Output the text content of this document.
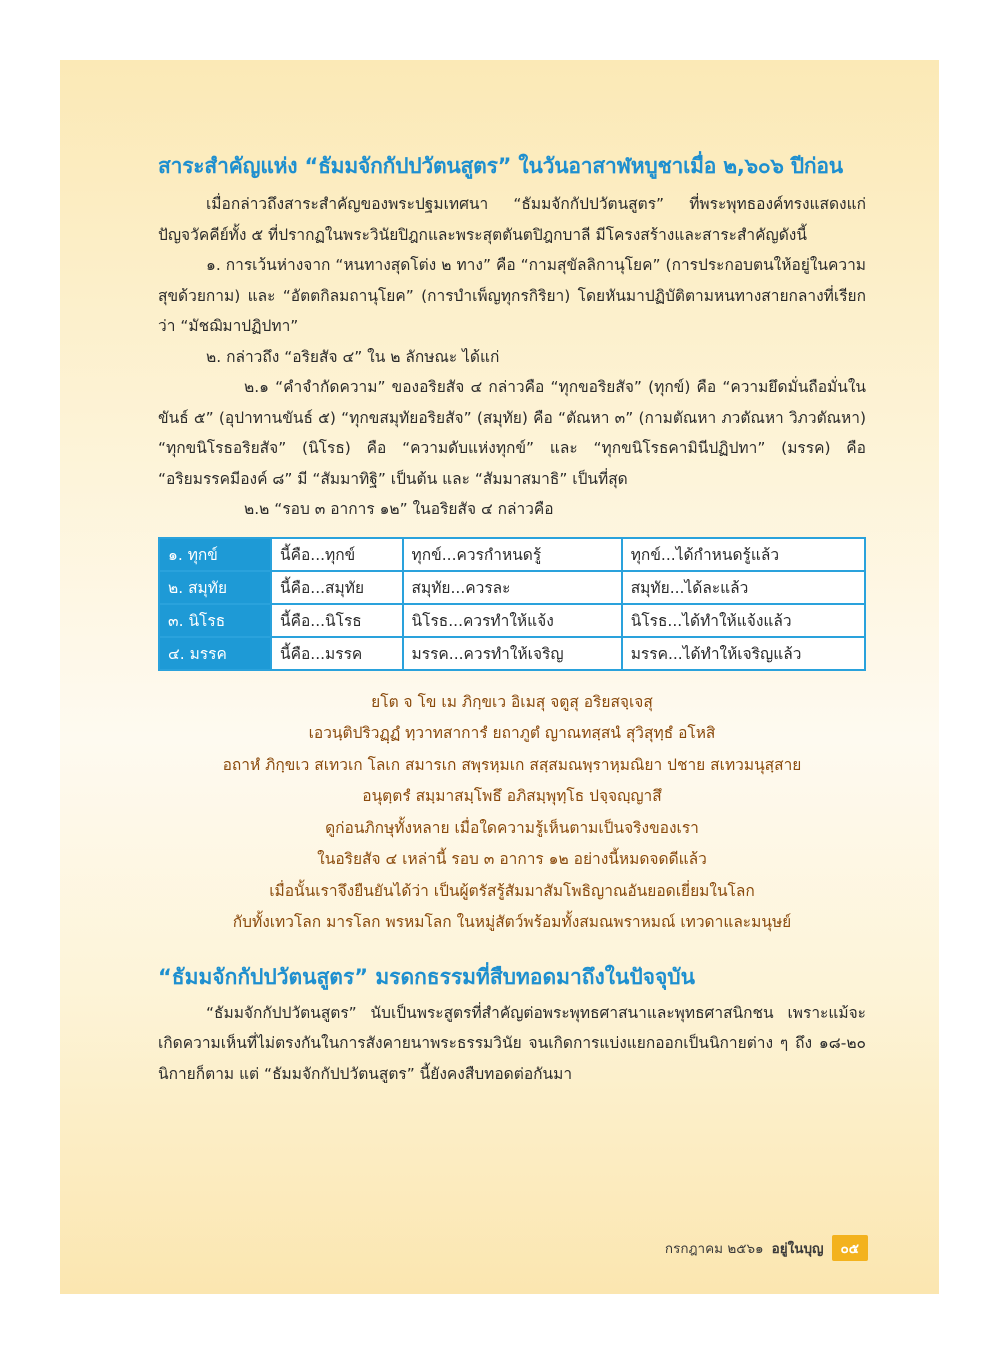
สาระสำคัญแห่ง “ธัมมจักกัปปวัตนสูตร” ในวันอาสาฬหบูชาเมื่อ ๒,๖๐๖ ปีก่อน

เมื่อกล่าวถึงสาระสำคัญของพระปฐมเทศนา “ธัมมจักกัปปวัตนสูตร” ที่พระพุทธองค์ทรงแสดงแก่ปัญจวัคคีย์ทั้ง ๕ ที่ปรากฏในพระวินัยปิฎกและพระสุตตันตปิฎกบาลี มีโครงสร้างและสาระสำคัญดังนี้

๑. การเว้นห่างจาก “หนทางสุดโต่ง ๒ ทาง” คือ “กามสุขัลลิกานุโยค” (การประกอบตนให้อยู่ในความสุขด้วยกาม) และ “อัตตกิลมถานุโยค” (การบำเพ็ญทุกรกิริยา) โดยหันมาปฏิบัติตามหนทางสายกลางที่เรียกว่า “มัชฌิมาปฏิปทา”

๒. กล่าวถึง “อริยสัจ ๔” ใน ๒ ลักษณะ ได้แก่

๒.๑ “คำจำกัดความ” ของอริยสัจ ๔ กล่าวคือ “ทุกขอริยสัจ” (ทุกข์) คือ “ความยึดมั่นถือมั่นในขันธ์ ๕” (อุปาทานขันธ์ ๕) “ทุกขสมุทัยอริยสัจ” (สมุทัย) คือ “ตัณหา ๓” (กามตัณหา ภวตัณหา วิภวตัณหา) “ทุกขนิโรธอริยสัจ” (นิโรธ) คือ “ความดับแห่งทุกข์” และ “ทุกขนิโรธคามินีปฏิปทา” (มรรค) คือ “อริยมรรคมีองค์ ๘” มี “สัมมาทิฐิ” เป็นต้น และ “สัมมาสมาธิ” เป็นที่สุด

๒.๒ “รอบ ๓ อาการ ๑๒” ในอริยสัจ ๔ กล่าวคือ

๑. ทุกข์	นี้คือ...ทุกข์	ทุกข์...ควรกำหนดรู้	ทุกข์...ได้กำหนดรู้แล้ว
๒. สมุทัย	นี้คือ...สมุทัย	สมุทัย...ควรละ	สมุทัย...ได้ละแล้ว
๓. นิโรธ	นี้คือ...นิโรธ	นิโรธ...ควรทำให้แจ้ง	นิโรธ...ได้ทำให้แจ้งแล้ว
๔. มรรค	นี้คือ...มรรค	มรรค...ควรทำให้เจริญ	มรรค...ได้ทำให้เจริญแล้ว
ยโต จ โข เม ภิกฺขเว อิเมสุ จตูสุ อริยสจฺเจสุ
เอวนฺติปริวฏฺฏํ ทฺวาทสาการํ ยถาภูตํ ญาณทสฺสนํ สุวิสุทฺธํ อโหสิ
อถาหํ ภิกฺขเว สเทวเก โลเก สมารเก สพฺรหฺมเก สสฺสมณพฺราหฺมณิยา ปชาย สเทวมนุสฺสาย
อนุตฺตรํ สมฺมาสมฺโพธึ อภิสมฺพุทฺโธ ปจฺจญฺญาสึ
ดูก่อนภิกษุทั้งหลาย เมื่อใดความรู้เห็นตามเป็นจริงของเรา
ในอริยสัจ ๔ เหล่านี้ รอบ ๓ อาการ ๑๒ อย่างนี้หมดจดดีแล้ว
เมื่อนั้นเราจึงยืนยันได้ว่า เป็นผู้ตรัสรู้สัมมาสัมโพธิญาณอันยอดเยี่ยมในโลก
กับทั้งเทวโลก มารโลก พรหมโลก ในหมู่สัตว์พร้อมทั้งสมณพราหมณ์ เทวดาและมนุษย์
“ธัมมจักกัปปวัตนสูตร” มรดกธรรมที่สืบทอดมาถึงในปัจจุบัน

“ธัมมจักกัปปวัตนสูตร” นับเป็นพระสูตรที่สำคัญต่อพระพุทธศาสนาและพุทธศาสนิกชน เพราะแม้จะเกิดความเห็นที่ไม่ตรงกันในการสังคายนาพระธรรมวินัย จนเกิดการแบ่งแยกออกเป็นนิกายต่าง ๆ ถึง ๑๘-๒๐ นิกายก็ตาม แต่ “ธัมมจักกัปปวัตนสูตร” นี้ยังคงสืบทอดต่อกันมา

กรกฎาคม ๒๕๖๑ อยู่ในบุญ	๐๕
